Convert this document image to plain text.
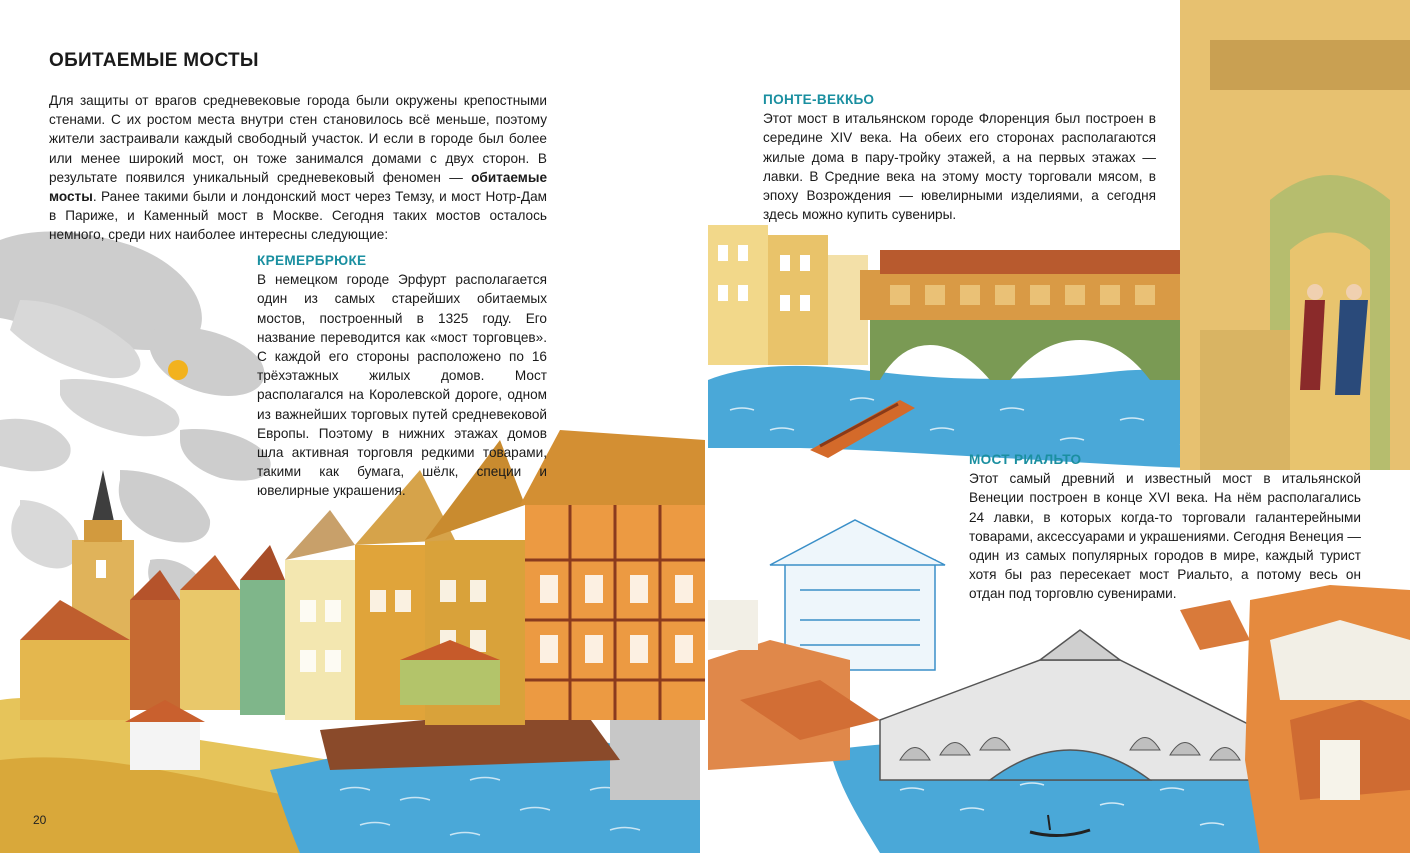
ОБИТАЕМЫЕ МОСТЫ

Для защиты от врагов средневековые города были окружены крепостными стенами. С их ростом места внутри стен становилось всё меньше, поэтому жители застраивали каждый свободный участок. И если в городе был более или менее широкий мост, он тоже занимался домами с двух сторон. В результате появился уникальный средневековый феномен — обитаемые мосты. Ранее такими были и лондонский мост через Темзу, и мост Нотр-Дам в Париже, и Каменный мост в Москве. Сегодня таких мостов осталось немного, среди них наиболее интересны следующие:

КРЕМЕРБРЮКЕ

В немецком городе Эрфурт располагается один из самых старейших обитаемых мостов, построенный в 1325 году. Его название переводится как «мост торговцев». С каждой его стороны расположено по 16 трёхэтажных жилых домов. Мост располагался на Королевской дороге, одном из важнейших торговых путей средневековой Европы. Поэтому в нижних этажах домов шла активная торговля редкими товарами, такими как бумага, шёлк, специи и ювелирные украшения.

ПОНТЕ-ВЕККЬО

Этот мост в итальянском городе Флоренция был построен в середине XIV века. На обеих его сторонах располагаются жилые дома в пару-тройку этажей, а на первых этажах — лавки. В Средние века на этому мосту торговали мясом, в эпоху Возрождения — ювелирными изделиями, а сегодня здесь можно купить сувениры.

МОСТ РИАЛЬТО

Этот самый древний и известный мост в итальянской Венеции построен в конце XVI века. На нём располагались 24 лавки, в которых когда-то торговали галантерейными товарами, аксессуарами и украшениями. Сегодня Венеция — один из самых популярных городов в мире, каждый турист хотя бы раз пересекает мост Риальто, а потому весь он отдан под торговлю сувенирами.

20
